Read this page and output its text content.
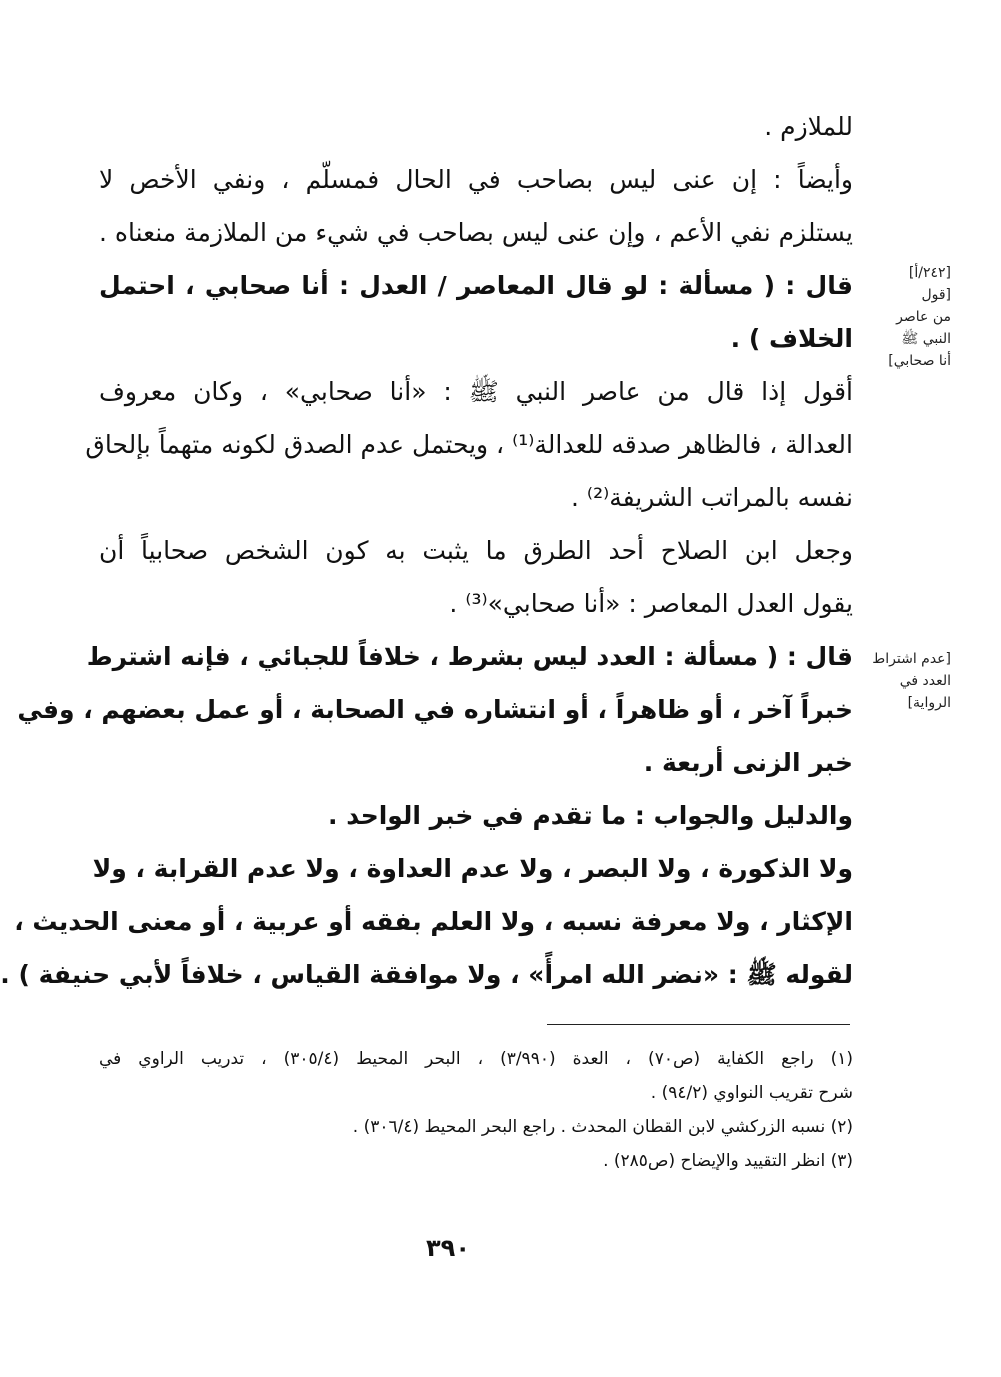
للملازم .
وأيضاً : إن عنى ليس بصاحب في الحال فمسلّم ، ونفي الأخص لا
يستلزم نفي الأعم ، وإن عنى ليس بصاحب في شيء من الملازمة منعناه .
قال : ( مسألة : لو قال المعاصر / العدل : أنا صحابي ، احتمل
الخلاف ) .
أقول إذا قال من عاصر النبي ﷺ : «أنا صحابي» ، وكان معروف
العدالة ، فالظاهر صدقه للعدالة⁽¹⁾ ، ويحتمل عدم الصدق لكونه متهماً بإلحاق
نفسه بالمراتب الشريفة⁽²⁾ .
وجعل ابن الصلاح أحد الطرق ما يثبت به كون الشخص صحابياً أن
يقول العدل المعاصر : «أنا صحابي»⁽³⁾ .
قال : ( مسألة : العدد ليس بشرط ، خلافاً للجبائي ، فإنه اشترط
خبراً آخر ، أو ظاهراً ، أو انتشاره في الصحابة ، أو عمل بعضهم ، وفي
خبر الزنى أربعة .
والدليل والجواب : ما تقدم في خبر الواحد .
ولا الذكورة ، ولا البصر ، ولا عدم العداوة ، ولا عدم القرابة ، ولا
الإكثار ، ولا معرفة نسبه ، ولا العلم بفقه أو عربية ، أو معنى الحديث ،
لقوله ﷺ : «نضر الله امرأً» ، ولا موافقة القياس ، خلافاً لأبي حنيفة ) .
[٢٤٢/أ]
[قول
من عاصر
النبي ﷺ
أنا صحابي]
[عدم اشتراط
العدد في
الرواية]
(١) راجع الكفاية (ص٧٠) ، العدة (٣/٩٩٠) ، البحر المحيط (٣٠٥/٤) ، تدريب الراوي في
شرح تقريب النواوي (٩٤/٢) .
(٢) نسبه الزركشي لابن القطان المحدث . راجع البحر المحيط (٣٠٦/٤) .
(٣) انظر التقييد والإيضاح (ص٢٨٥) .
٣٩٠
